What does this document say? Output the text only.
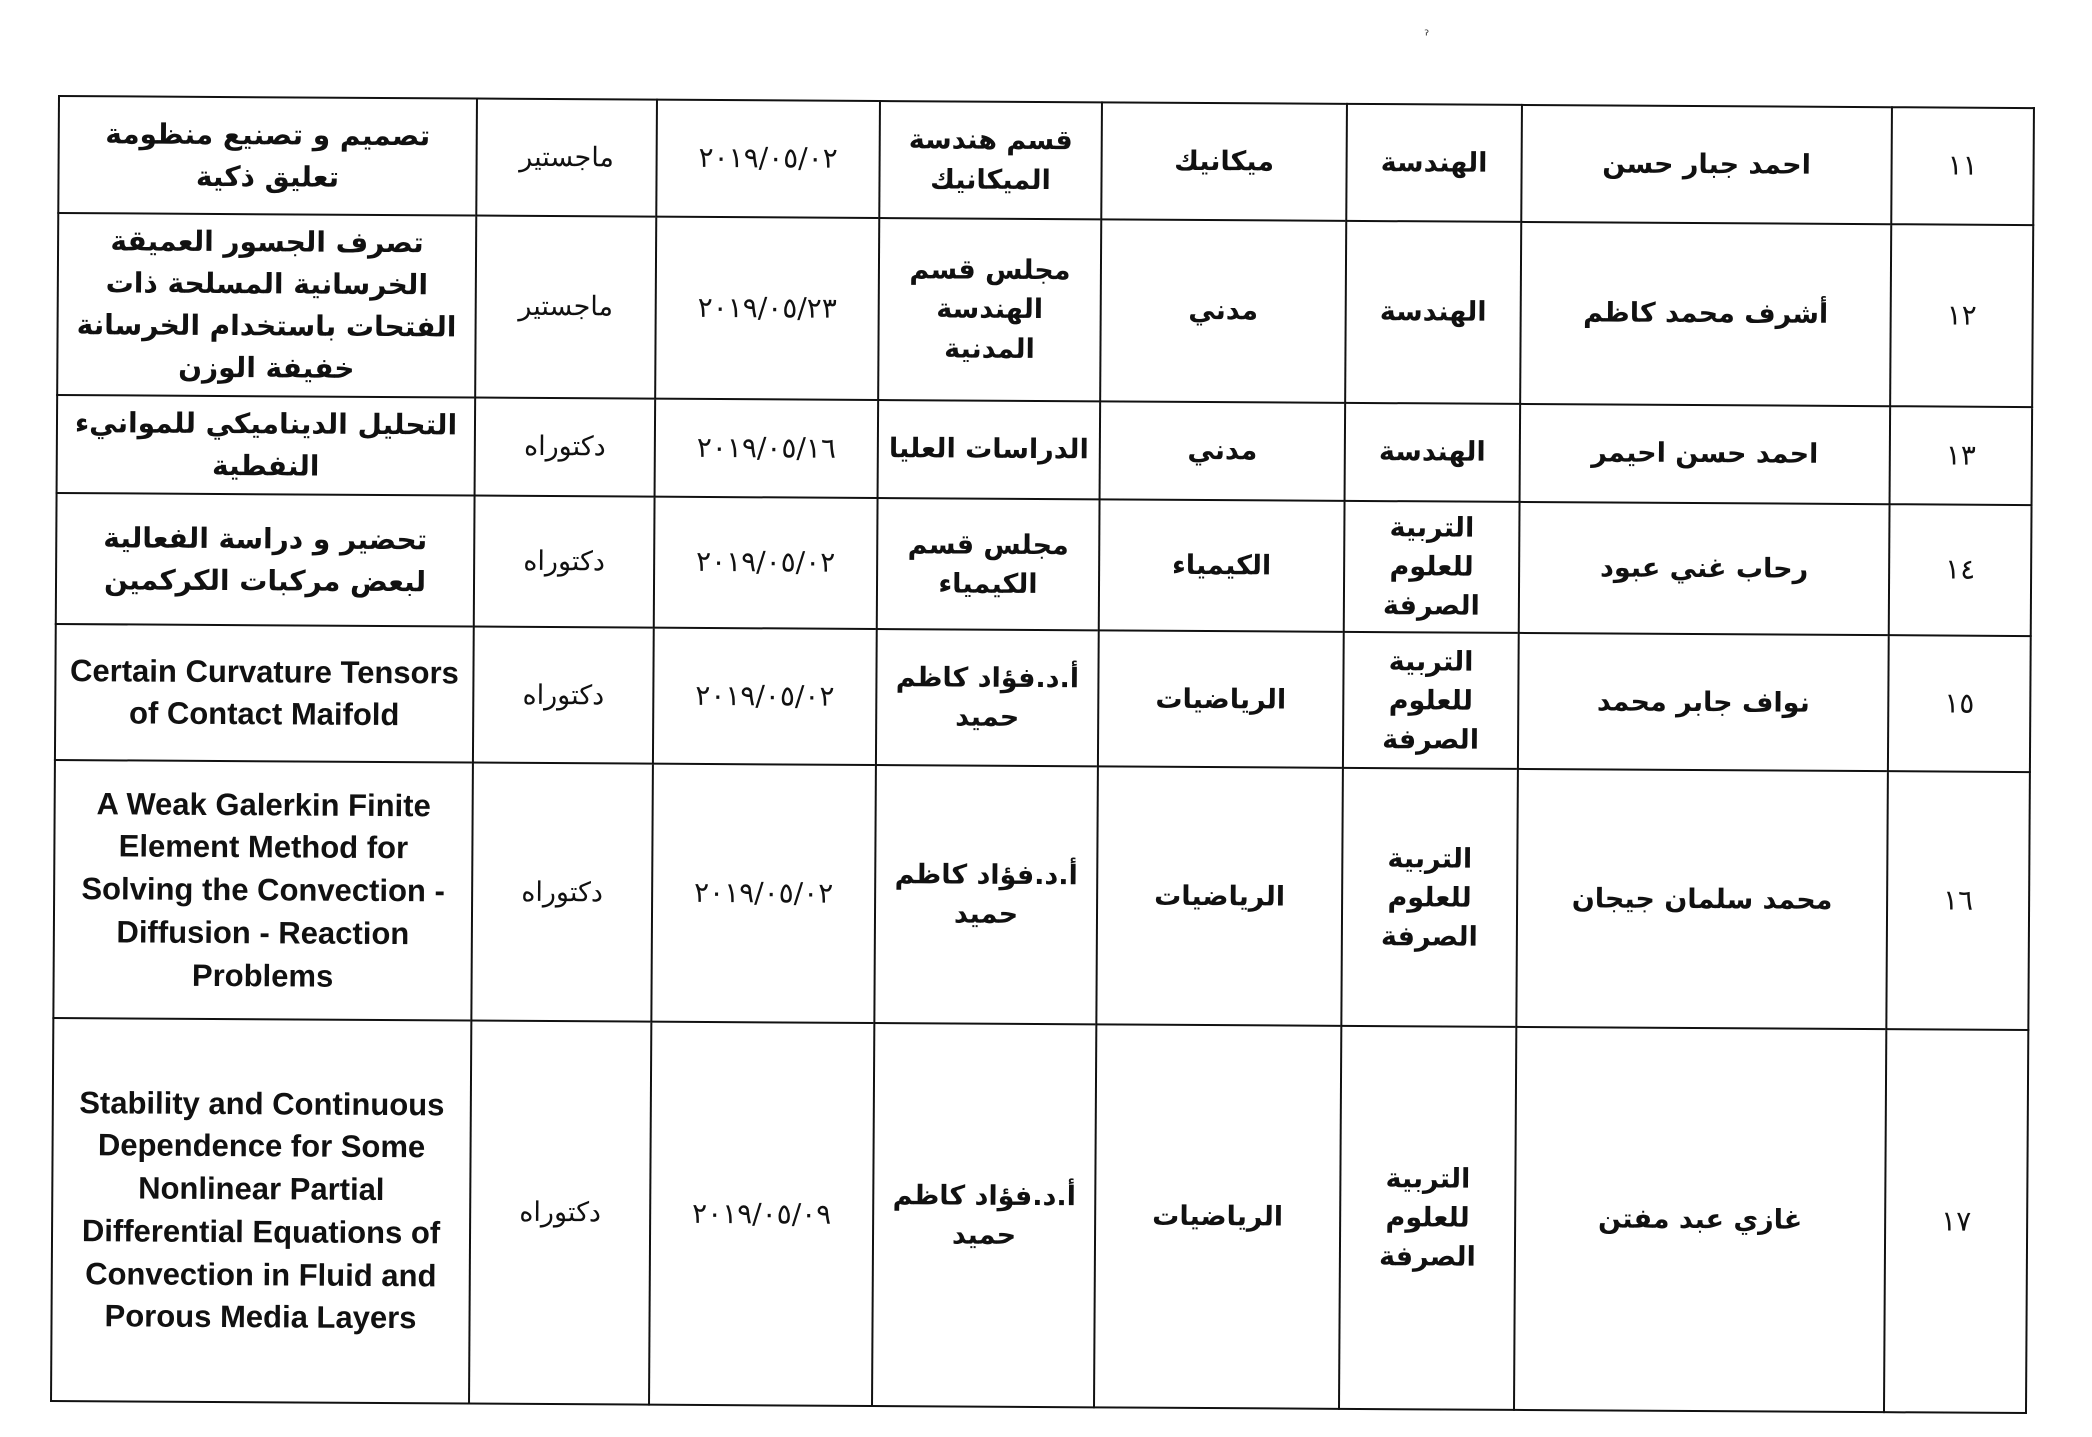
ˀ
١١	احمد جبار حسن	الهندسة	ميكانيك	قسم هندسة الميكانيك	٢٠١٩/٠٥/٠٢	ماجستير	تصميم و تصنيع منظومة تعليق ذكية
١٢	أشرف محمد كاظم	الهندسة	مدني	مجلس قسم الهندسة المدنية	٢٠١٩/٠٥/٢٣	ماجستير	تصرف الجسور العميقة الخرسانية المسلحة ذات الفتحات باستخدام الخرسانة خفيفة الوزن
١٣	احمد حسن احيمر	الهندسة	مدني	الدراسات العليا	٢٠١٩/٠٥/١٦	دكتوراه	التحليل الديناميكي للموانيء النفطية
١٤	رحاب غني عبود	التربية للعلوم الصرفة	الكيمياء	مجلس قسم الكيمياء	٢٠١٩/٠٥/٠٢	دكتوراه	تحضير و دراسة الفعالية لبعض مركبات الكركمين
١٥	نواف جابر محمد	التربية للعلوم الصرفة	الرياضيات	أ.د.فؤاد كاظم حميد	٢٠١٩/٠٥/٠٢	دكتوراه	Certain Curvature Tensors of Contact Maifold
١٦	محمد سلمان جيجان	التربية للعلوم الصرفة	الرياضيات	أ.د.فؤاد كاظم حميد	٢٠١٩/٠٥/٠٢	دكتوراه	A Weak Galerkin Finite Element Method for Solving the Convection - Diffusion - Reaction Problems
١٧	غازي عبد مفتن	التربية للعلوم الصرفة	الرياضيات	أ.د.فؤاد كاظم حميد	٢٠١٩/٠٥/٠٩	دكتوراه	Stability and Continuous Dependence for Some Nonlinear Partial Differential Equations of Convection in Fluid and Porous Media Layers
